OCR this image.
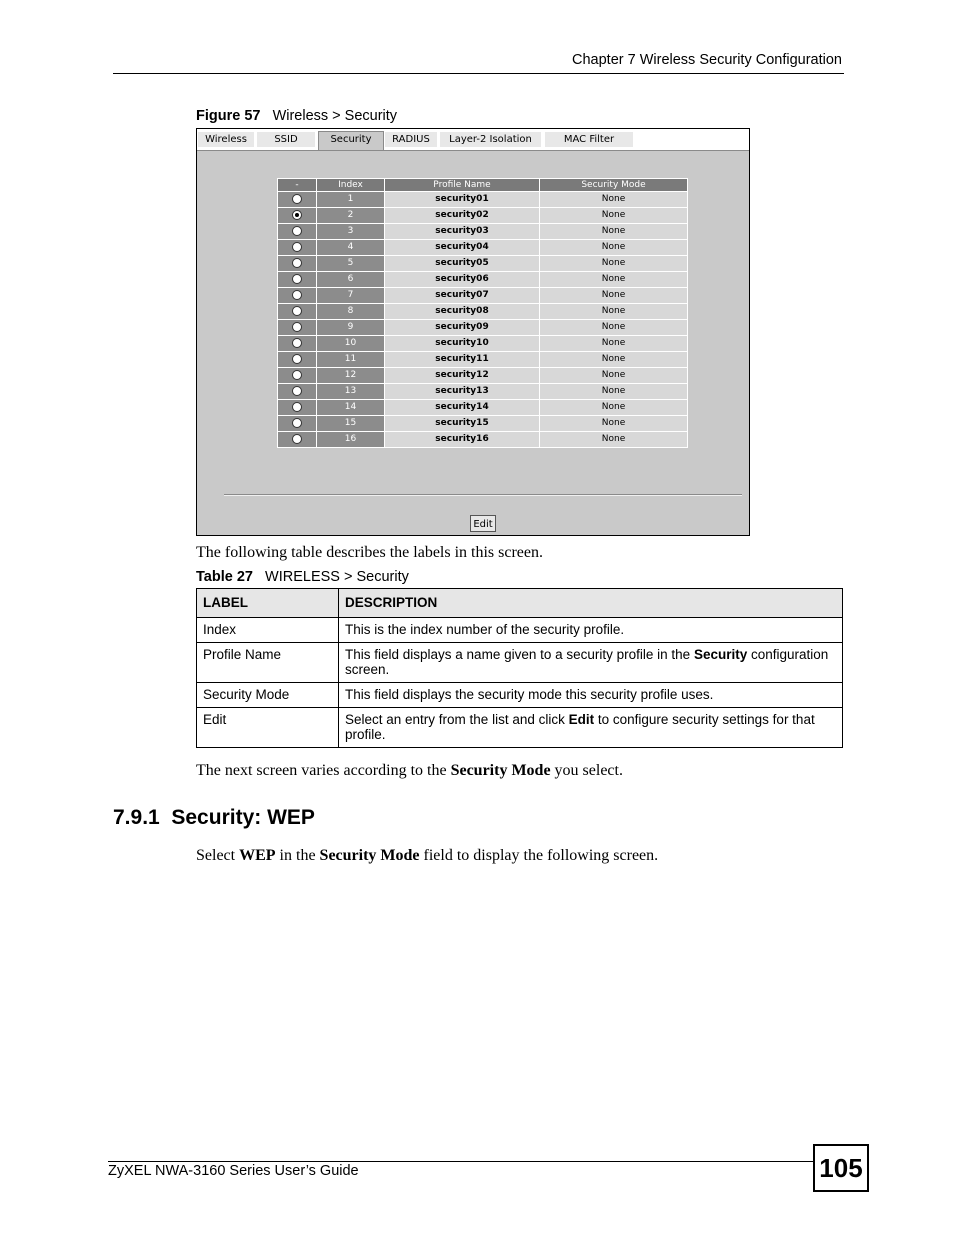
Chapter 7 Wireless Security Configuration
Figure 57 Wireless > Security
Wireless	SSID	Security	RADIUS	Layer-2 Isolation	MAC Filter
-	Index	Profile Name	Security Mode
	1	security01	None
	2	security02	None
	3	security03	None
	4	security04	None
	5	security05	None
	6	security06	None
	7	security07	None
	8	security08	None
	9	security09	None
	10	security10	None
	11	security11	None
	12	security12	None
	13	security13	None
	14	security14	None
	15	security15	None
	16	security16	None
Edit
The following table describes the labels in this screen.
Table 27 WIRELESS > Security
LABEL	DESCRIPTION
Index	This is the index number of the security profile.
Profile Name	This field displays a name given to a security profile in the Security configuration screen.
Security Mode	This field displays the security mode this security profile uses.
Edit	Select an entry from the list and click Edit to configure security settings for that profile.
The next screen varies according to the Security Mode you select.
7.9.1  Security: WEP
Select WEP in the Security Mode field to display the following screen.
ZyXEL NWA-3160 Series User’s Guide	105
